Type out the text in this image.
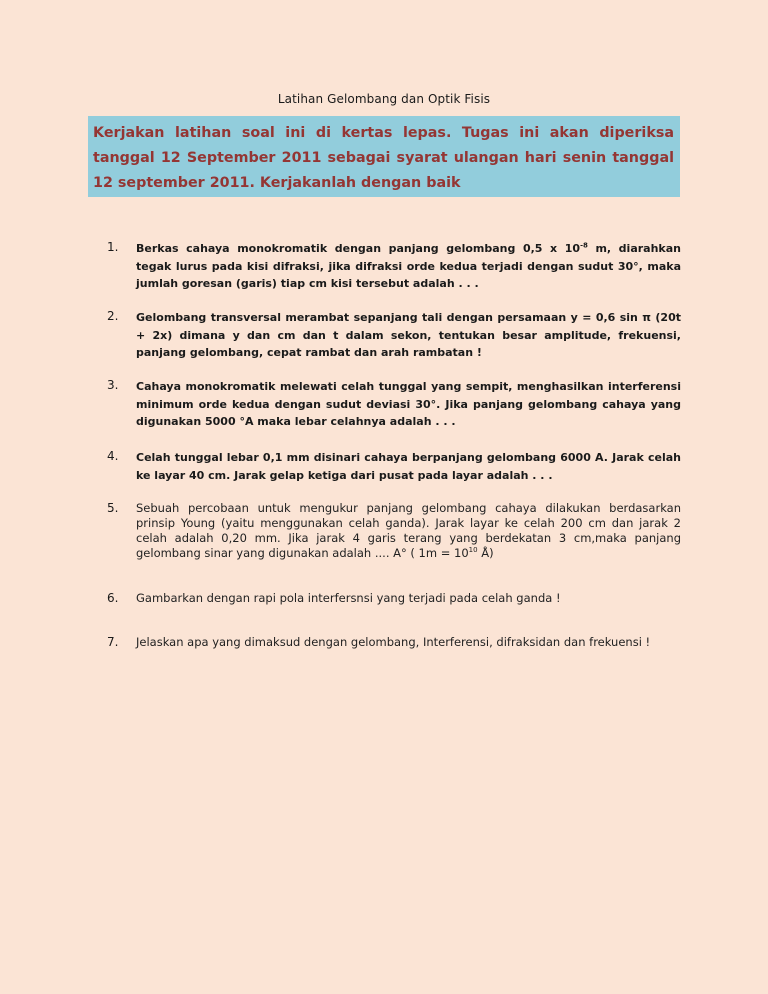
Latihan Gelombang dan Optik Fisis
Kerjakan latihan soal ini di kertas lepas. Tugas ini akan diperiksa tanggal 12 September 2011 sebagai syarat ulangan hari senin tanggal 12 september 2011. Kerjakanlah dengan baik
1. Berkas cahaya monokromatik dengan panjang gelombang 0,5 x $10^{-8}$ m, diarahkan tegak lurus pada kisi difraksi, jika difraksi orde kedua terjadi dengan sudut 30°, maka jumlah goresan (garis) tiap cm kisi tersebut adalah . . .
2. Gelombang transversal merambat sepanjang tali dengan persamaan y = 0,6 sin π (20t + 2x) dimana y dan cm dan t dalam sekon, tentukan besar amplitude, frekuensi, panjang gelombang, cepat rambat dan arah rambatan !
3. Cahaya monokromatik melewati celah tunggal yang sempit, menghasilkan interferensi minimum orde kedua dengan sudut deviasi 30°. Jika panjang gelombang cahaya yang digunakan 5000 °A maka lebar celahnya adalah . . .
4. Celah tunggal lebar 0,1 mm disinari cahaya berpanjang gelombang 6000 A. Jarak celah ke layar 40 cm. Jarak gelap ketiga dari pusat pada layar adalah . . .
5. Sebuah percobaan untuk mengukur panjang gelombang cahaya dilakukan berdasarkan prinsip Young (yaitu menggunakan celah ganda). Jarak layar ke celah 200 cm dan jarak 2 celah adalah 0,20 mm. Jika jarak 4 garis terang yang berdekatan 3 cm,maka panjang gelombang sinar yang digunakan adalah .... A° ( $1m = 10^{10}$ Å)
6. Gambarkan dengan rapi pola interfersnsi yang terjadi pada celah ganda !
7. Jelaskan apa yang dimaksud dengan gelombang, Interferensi, difraksidan dan frekuensi !
